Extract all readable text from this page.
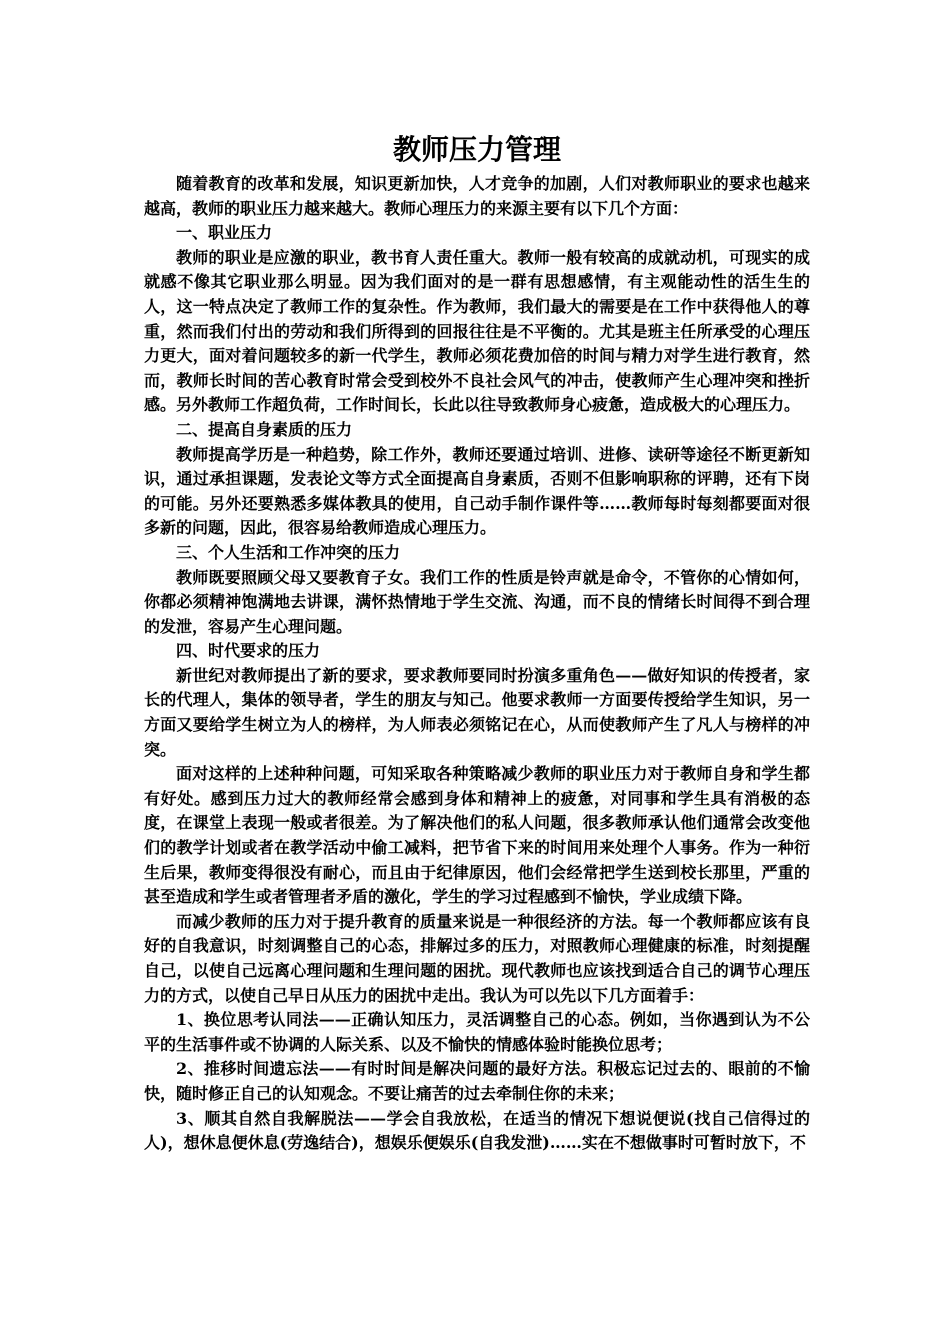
教师压力管理

随着教育的改革和发展，知识更新加快，人才竞争的加剧，人们对教师职业的要求也越来越高，教师的职业压力越来越大。教师心理压力的来源主要有以下几个方面：

一、职业压力

教师的职业是应激的职业，教书育人责任重大。教师一般有较高的成就动机，可现实的成就感不像其它职业那么明显。因为我们面对的是一群有思想感情，有主观能动性的活生生的人，这一特点决定了教师工作的复杂性。作为教师，我们最大的需要是在工作中获得他人的尊重，然而我们付出的劳动和我们所得到的回报往往是不平衡的。尤其是班主任所承受的心理压力更大，面对着问题较多的新一代学生，教师必须花费加倍的时间与精力对学生进行教育，然而，教师长时间的苦心教育时常会受到校外不良社会风气的冲击，使教师产生心理冲突和挫折感。另外教师工作超负荷，工作时间长，长此以往导致教师身心疲惫，造成极大的心理压力。

二、提高自身素质的压力

教师提高学历是一种趋势，除工作外，教师还要通过培训、进修、读研等途径不断更新知识，通过承担课题，发表论文等方式全面提高自身素质，否则不但影响职称的评聘，还有下岗的可能。另外还要熟悉多媒体教具的使用，自己动手制作课件等……教师每时每刻都要面对很多新的问题，因此，很容易给教师造成心理压力。

三、个人生活和工作冲突的压力

教师既要照顾父母又要教育子女。我们工作的性质是铃声就是命令，不管你的心情如何，你都必须精神饱满地去讲课，满怀热情地于学生交流、沟通，而不良的情绪长时间得不到合理的发泄，容易产生心理问题。

四、时代要求的压力

新世纪对教师提出了新的要求，要求教师要同时扮演多重角色——做好知识的传授者，家长的代理人，集体的领导者，学生的朋友与知己。他要求教师一方面要传授给学生知识，另一方面又要给学生树立为人的榜样，为人师表必须铭记在心，从而使教师产生了凡人与榜样的冲突。

面对这样的上述种种问题，可知采取各种策略减少教师的职业压力对于教师自身和学生都有好处。感到压力过大的教师经常会感到身体和精神上的疲惫，对同事和学生具有消极的态度，在课堂上表现一般或者很差。为了解决他们的私人问题，很多教师承认他们通常会改变他们的教学计划或者在教学活动中偷工减料，把节省下来的时间用来处理个人事务。作为一种衍生后果，教师变得很没有耐心，而且由于纪律原因，他们会经常把学生送到校长那里，严重的甚至造成和学生或者管理者矛盾的激化，学生的学习过程感到不愉快，学业成绩下降。

而减少教师的压力对于提升教育的质量来说是一种很经济的方法。每一个教师都应该有良好的自我意识，时刻调整自己的心态，排解过多的压力，对照教师心理健康的标准，时刻提醒自己，以使自己远离心理问题和生理问题的困扰。现代教师也应该找到适合自己的调节心理压力的方式，以使自己早日从压力的困扰中走出。我认为可以先以下几方面着手：

1、换位思考认同法——正确认知压力，灵活调整自己的心态。例如，当你遇到认为不公平的生活事件或不协调的人际关系、以及不愉快的情感体验时能换位思考；

2、推移时间遗忘法——有时时间是解决问题的最好方法。积极忘记过去的、眼前的不愉快，随时修正自己的认知观念。不要让痛苦的过去牵制住你的未来；

3、顺其自然自我解脱法——学会自我放松，在适当的情况下想说便说(找自己信得过的人)，想休息便休息(劳逸结合)，想娱乐便娱乐(自我发泄)……实在不想做事时可暂时放下，不
